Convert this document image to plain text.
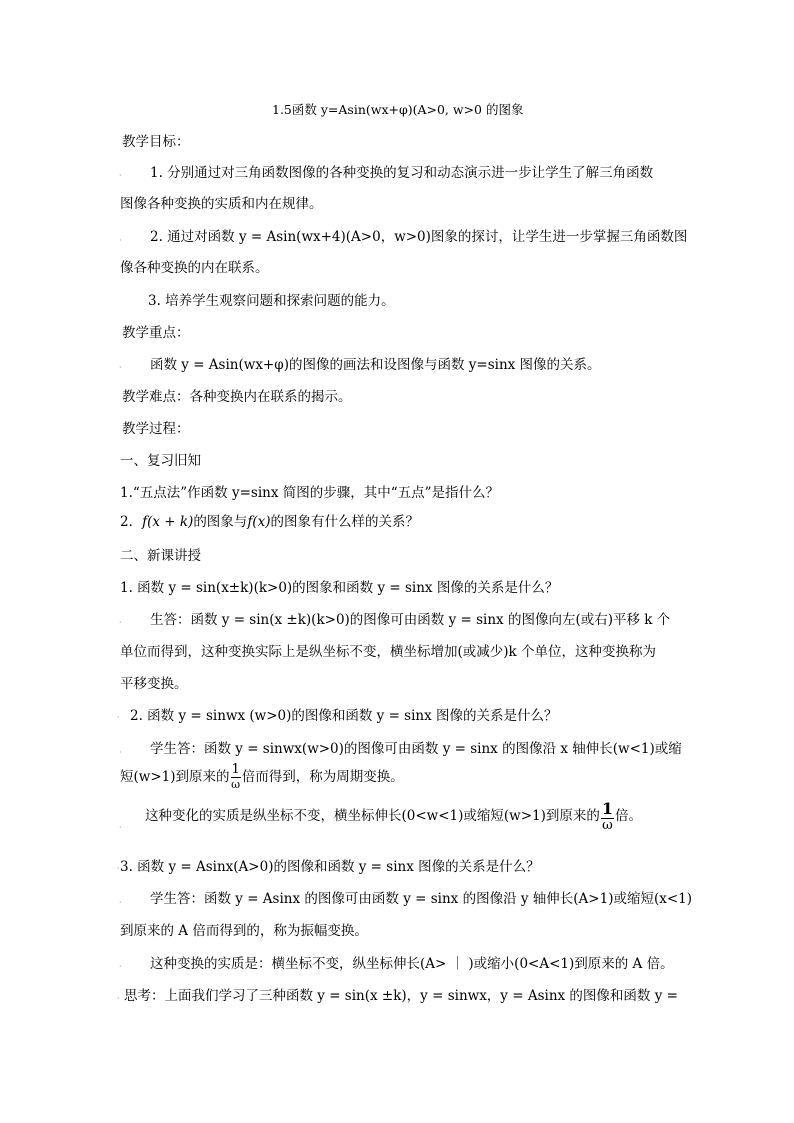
1.5函数 y=Asin(wx+φ)(A>0, w>0 的图象
教学目标：
· 1. 分别通过对三角函数图像的各种变换的复习和动态演示进一步让学生了解三角函数
图像各种变换的实质和内在规律。
· 2. 通过对函数 y = Asin(wx+4)(A>0，w>0)图象的探讨，让学生进一步掌握三角函数图
像各种变换的内在联系。
3. 培养学生观察问题和探索问题的能力。
教学重点：
· 函数 y = Asin(wx+φ)的图像的画法和设图像与函数 y=sinx 图像的关系。
教学难点：各种变换内在联系的揭示。
教学过程：
一、复习旧知
1.“五点法”作函数 y=sinx 简图的步骤，其中“五点”是指什么？
2．f(x + k)的图象与f(x)的图象有什么样的关系？
二、新课讲授
1. 函数 y = sin(x±k)(k>0)的图象和函数 y = sinx 图像的关系是什么？
· 生答：函数 y = sin(x ±k)(k>0)的图像可由函数 y = sinx 的图像向左(或右)平移 k 个
单位而得到，这种变换实际上是纵坐标不变，横坐标增加(或减少)k 个单位，这种变换称为
平移变换。
· 2. 函数 y = sinwx (w>0)的图像和函数 y = sinx 图像的关系是什么？
· 学生答：函数 y = sinwx(w>0)的图像可由函数 y = sinx 的图像沿 x 轴伸长(w<1)或缩
短(w>1)到原来的 $\frac{1}{\omega}$ 倍而得到，称为周期变换。
·
这种变化的实质是纵坐标不变，横坐标伸长(0<w<1)或缩短(w>1)到原来的 $\frac{1}{\omega}$ 倍。
· 3. 函数 y = Asinx(A>0)的图像和函数 y = sinx 图像的关系是什么？
· 学生答：函数 y = Asinx 的图像可由函数 y = sinx 的图像沿 y 轴伸长(A>1)或缩短(x<1)
到原来的 A 倍而得到的，称为振幅变换。
· 这种变换的实质是：横坐标不变，纵坐标伸长(A> ｜ )或缩小(0<A<1)到原来的 A 倍。
· 思考：上面我们学习了三种函数 y = sin(x ±k)，y = sinwx，y = Asinx 的图像和函数 y =
